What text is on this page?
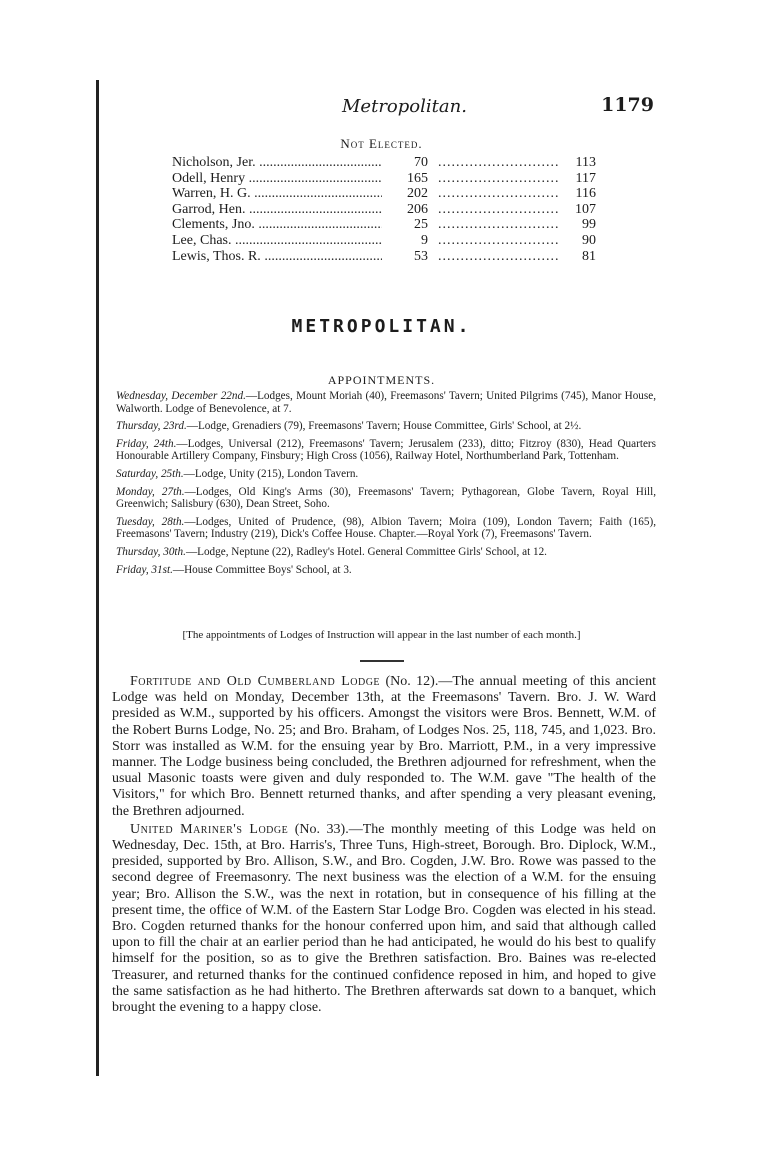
Metropolitan.	1179
Not Elected.
Nicholson, Jer. .....	70 .....	113
Odell, Henry .....	165 .....	117
Warren, H. G. .....	202 .....	116
Garrod, Hen. .....	206 .....	107
Clements, Jno. .....	25 .....	99
Lee, Chas. .....	9 .....	90
Lewis, Thos. R. .....	53 .....	81
METROPOLITAN.
APPOINTMENTS.

Wednesday, December 22nd.—Lodges, Mount Moriah (40), Freemasons' Tavern; United Pilgrims (745), Manor House, Walworth. Lodge of Benevolence, at 7.

Thursday, 23rd.—Lodge, Grenadiers (79), Freemasons' Tavern; House Committee, Girls' School, at 2½.

Friday, 24th.—Lodges, Universal (212), Freemasons' Tavern; Jerusalem (233), ditto; Fitzroy (830), Head Quarters Honourable Artillery Company, Finsbury; High Cross (1056), Railway Hotel, Northumberland Park, Tottenham.

Saturday, 25th.—Lodge, Unity (215), London Tavern.

Monday, 27th.—Lodges, Old King's Arms (30), Freemasons' Tavern; Pythagorean, Globe Tavern, Royal Hill, Greenwich; Salisbury (630), Dean Street, Soho.

Tuesday, 28th.—Lodges, United of Prudence, (98), Albion Tavern; Moira (109), London Tavern; Faith (165), Freemasons' Tavern; Industry (219), Dick's Coffee House. Chapter.—Royal York (7), Freemasons' Tavern.

Thursday, 30th.—Lodge, Neptune (22), Radley's Hotel. General Committee Girls' School, at 12.

Friday, 31st.—House Committee Boys' School, at 3.

[The appointments of Lodges of Instruction will appear in the last number of each month.]

Fortitude and Old Cumberland Lodge (No. 12).—The annual meeting of this ancient Lodge was held on Monday, December 13th, at the Freemasons' Tavern. Bro. J. W. Ward presided as W.M., supported by his officers. Amongst the visitors were Bros. Bennett, W.M. of the Robert Burns Lodge, No. 25; and Bro. Braham, of Lodges Nos. 25, 118, 745, and 1,023. Bro. Storr was installed as W.M. for the ensuing year by Bro. Marriott, P.M., in a very impressive manner. The Lodge business being concluded, the Brethren adjourned for refreshment, when the usual Masonic toasts were given and duly responded to. The W.M. gave "The health of the Visitors," for which Bro. Bennett returned thanks, and after spending a very pleasant evening, the Brethren adjourned.

United Mariner's Lodge (No. 33).—The monthly meeting of this Lodge was held on Wednesday, Dec. 15th, at Bro. Harris's, Three Tuns, High-street, Borough. Bro. Diplock, W.M., presided, supported by Bro. Allison, S.W., and Bro. Cogden, J.W. Bro. Rowe was passed to the second degree of Freemasonry. The next business was the election of a W.M. for the ensuing year; Bro. Allison the S.W., was the next in rotation, but in consequence of his filling at the present time, the office of W.M. of the Eastern Star Lodge Bro. Cogden was elected in his stead. Bro. Cogden returned thanks for the honour conferred upon him, and said that although called upon to fill the chair at an earlier period than he had anticipated, he would do his best to qualify himself for the position, so as to give the Brethren satisfaction. Bro. Baines was re-elected Treasurer, and returned thanks for the continued confidence reposed in him, and hoped to give the same satisfaction as he had hitherto. The Brethren afterwards sat down to a banquet, which brought the evening to a happy close.
